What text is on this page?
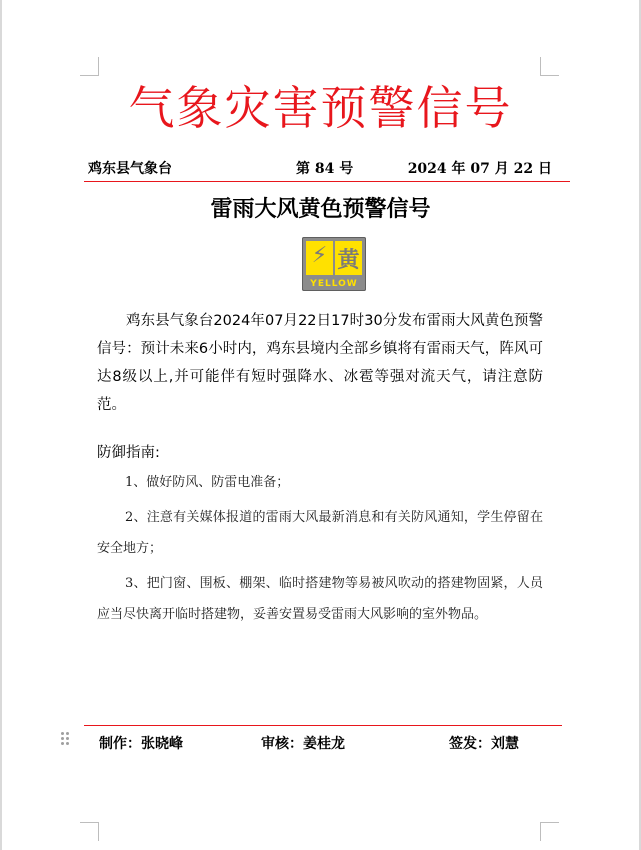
气象灾害预警信号
鸡东县气象台	第 84 号	2024 年 07 月 22 日
雷雨大风黄色预警信号
⚡ 黄
YELLOW
鸡东县气象台2024年07月22日17时30分发布雷雨大风黄色预警信号：预计未来6小时内，鸡东县境内全部乡镇将有雷雨天气，阵风可达8级以上,并可能伴有短时强降水、冰雹等强对流天气，请注意防范。
防御指南:
1、做好防风、防雷电准备；
2、注意有关媒体报道的雷雨大风最新消息和有关防风通知，学生停留在安全地方；
3、把门窗、围板、棚架、临时搭建物等易被风吹动的搭建物固紧，人员应当尽快离开临时搭建物，妥善安置易受雷雨大风影响的室外物品。
制作：张晓峰	审核：姜桂龙	签发：刘慧
